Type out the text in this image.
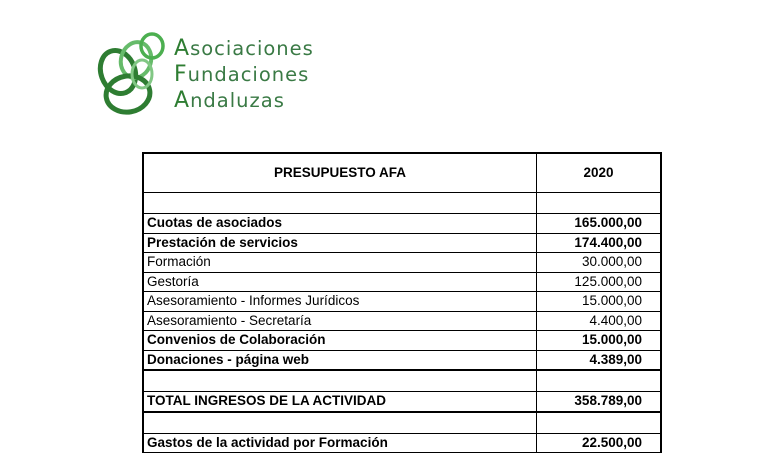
Asociaciones
Fundaciones
Andaluzas
PRESUPUESTO AFA	2020

Cuotas de asociados	165.000,00
Prestación de servicios	174.400,00
Formación	30.000,00
Gestoría	125.000,00
Asesoramiento - Informes Jurídicos	15.000,00
Asesoramiento - Secretaría	4.400,00
Convenios de Colaboración	15.000,00
Donaciones - página web	4.389,00

TOTAL INGRESOS DE LA ACTIVIDAD	358.789,00

Gastos de la actividad por Formación	22.500,00
